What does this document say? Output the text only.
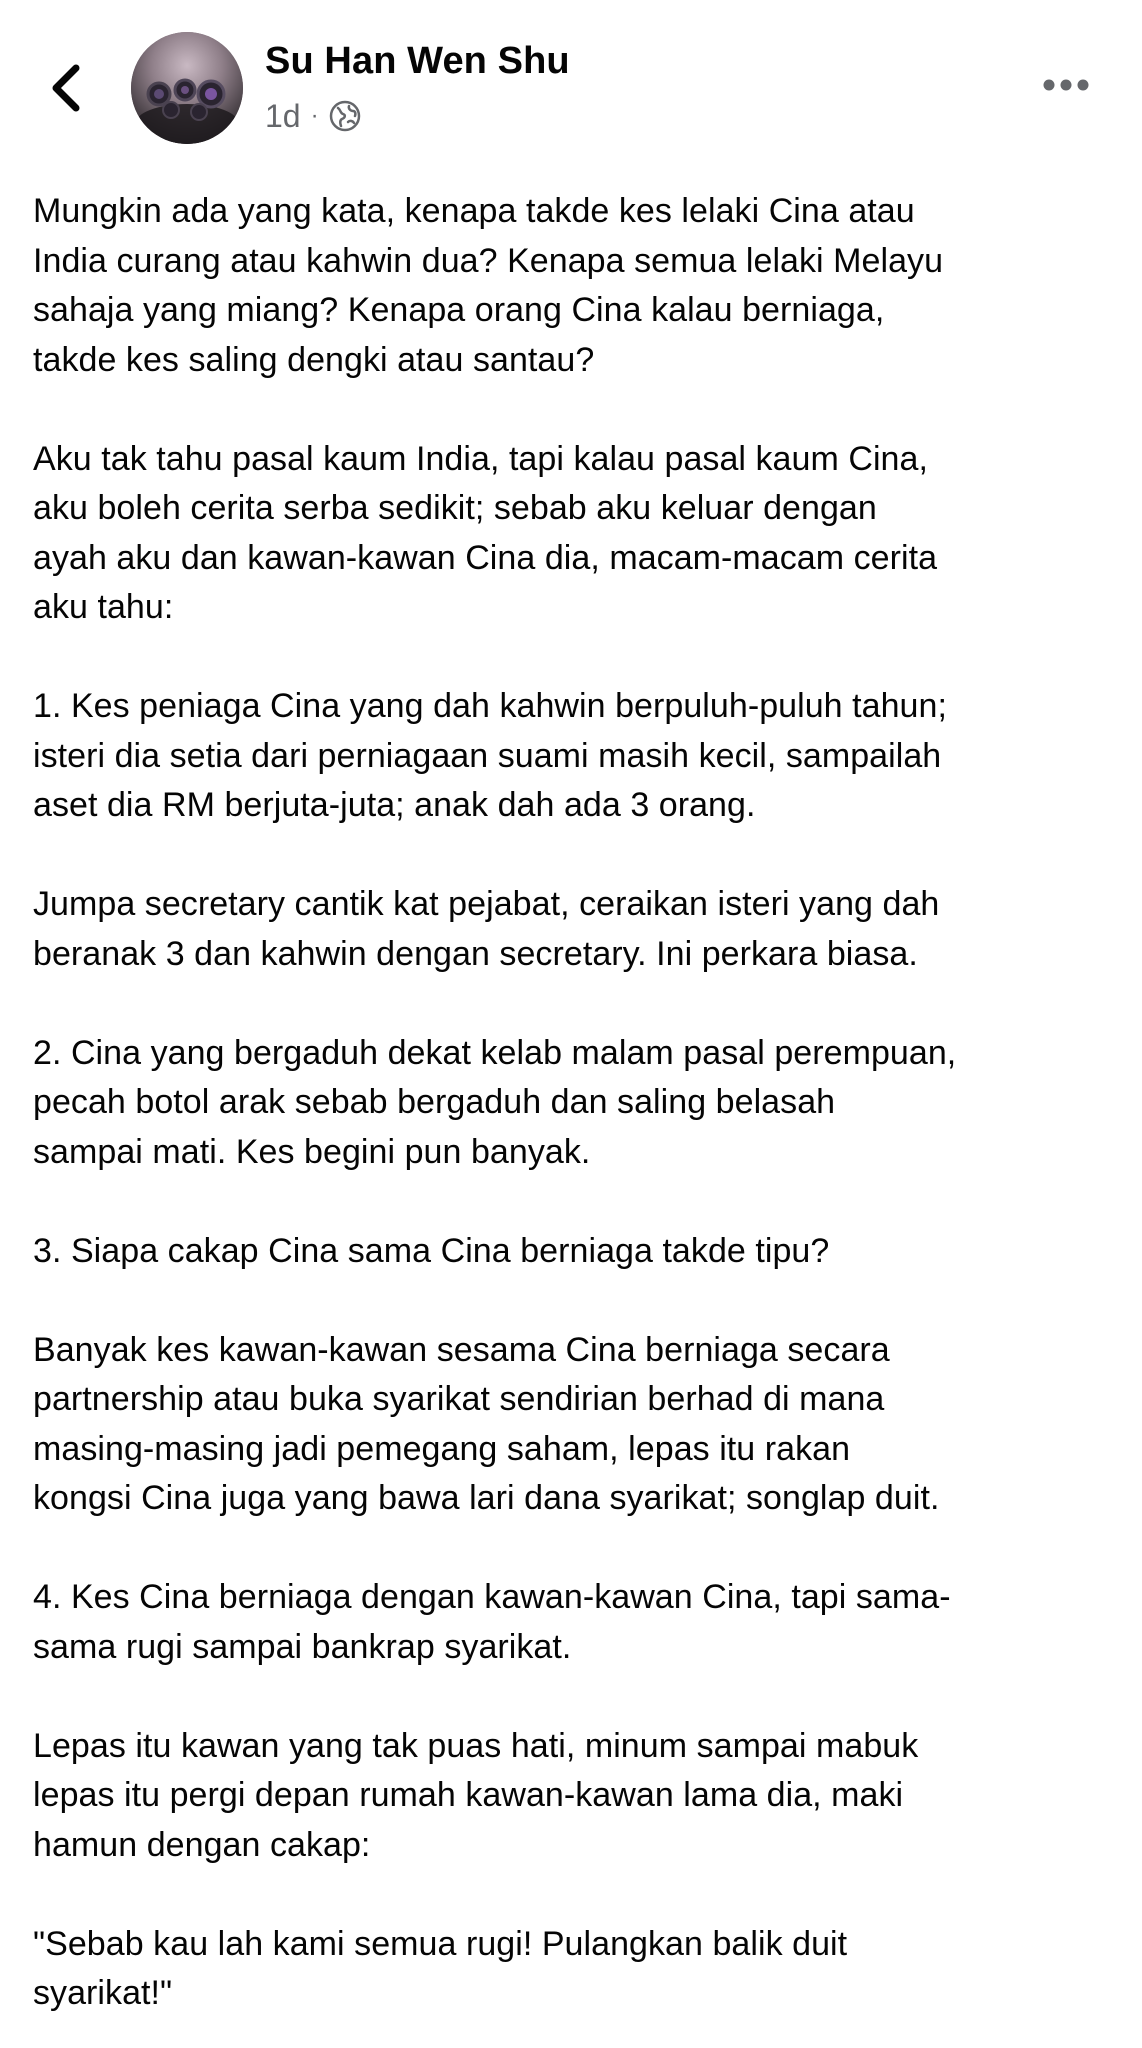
Su Han Wen Shu
1d ·

Mungkin ada yang kata, kenapa takde kes lelaki Cina atau
India curang atau kahwin dua? Kenapa semua lelaki Melayu
sahaja yang miang? Kenapa orang Cina kalau berniaga,
takde kes saling dengki atau santau?

Aku tak tahu pasal kaum India, tapi kalau pasal kaum Cina,
aku boleh cerita serba sedikit; sebab aku keluar dengan
ayah aku dan kawan-kawan Cina dia, macam-macam cerita
aku tahu:

1. Kes peniaga Cina yang dah kahwin berpuluh-puluh tahun;
isteri dia setia dari perniagaan suami masih kecil, sampailah
aset dia RM berjuta-juta; anak dah ada 3 orang.

Jumpa secretary cantik kat pejabat, ceraikan isteri yang dah
beranak 3 dan kahwin dengan secretary. Ini perkara biasa.

2. Cina yang bergaduh dekat kelab malam pasal perempuan,
pecah botol arak sebab bergaduh dan saling belasah
sampai mati. Kes begini pun banyak.

3. Siapa cakap Cina sama Cina berniaga takde tipu?

Banyak kes kawan-kawan sesama Cina berniaga secara
partnership atau buka syarikat sendirian berhad di mana
masing-masing jadi pemegang saham, lepas itu rakan
kongsi Cina juga yang bawa lari dana syarikat; songlap duit.

4. Kes Cina berniaga dengan kawan-kawan Cina, tapi sama-
sama rugi sampai bankrap syarikat.

Lepas itu kawan yang tak puas hati, minum sampai mabuk
lepas itu pergi depan rumah kawan-kawan lama dia, maki
hamun dengan cakap:

"Sebab kau lah kami semua rugi! Pulangkan balik duit
syarikat!"
